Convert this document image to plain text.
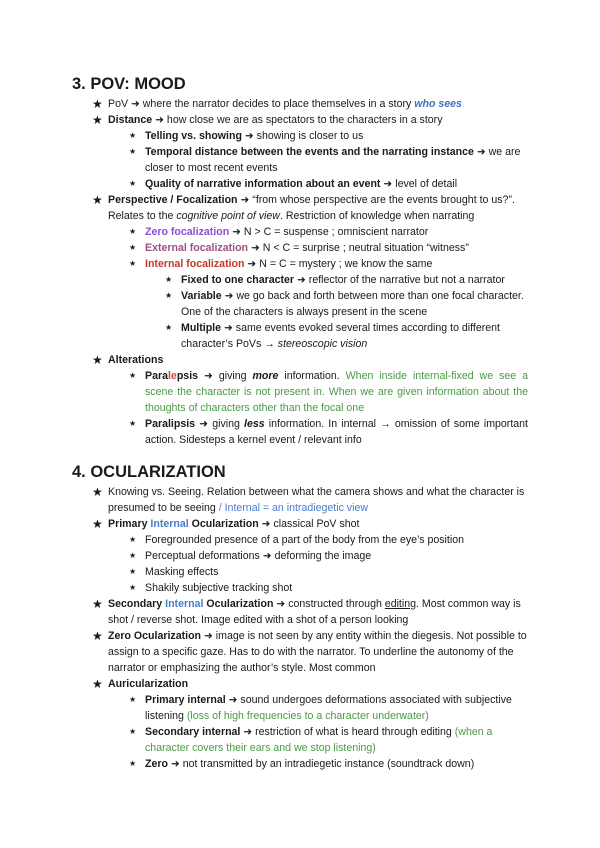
3. POV: MOOD
★ PoV ➜ where the narrator decides to place themselves in a story who sees
★ Distance ➜ how close we are as spectators to the characters in a story
★ Telling vs. showing ➜ showing is closer to us
★ Temporal distance between the events and the narrating instance ➜ we are closer to most recent events
★ Quality of narrative information about an event ➜ level of detail
★ Perspective / Focalization ➜ “from whose perspective are the events brought to us?”. Relates to the cognitive point of view. Restriction of knowledge when narrating
★ Zero focalization ➜ N > C = suspense ; omniscient narrator
★ External focalization ➜ N < C = surprise ; neutral situation “witness”
★ Internal focalization ➜ N = C = mystery ; we know the same
★ Fixed to one character ➜ reflector of the narrative but not a narrator
★ Variable ➜ we go back and forth between more than one focal character. One of the characters is always present in the scene
★ Multiple ➜ same events evoked several times according to different character’s PoVs → stereoscopic vision
★ Alterations
★ Paralepsis ➜ giving more information. When inside internal-fixed we see a scene the character is not present in. When we are given information about the thoughts of characters other than the focal one
★ Paralipsis ➜ giving less information. In internal → omission of some important action. Sidesteps a kernel event / relevant info
4. OCULARIZATION
★ Knowing vs. Seeing. Relation between what the camera shows and what the character is presumed to be seeing / Internal = an intradiegetic view
★ Primary Internal Ocularization ➜ classical PoV shot
★ Foregrounded presence of a part of the body from the eye’s position
★ Perceptual deformations ➜ deforming the image
★ Masking effects
★ Shakily subjective tracking shot
★ Secondary Internal Ocularization ➜ constructed through editing. Most common way is shot / reverse shot. Image edited with a shot of a person looking
★ Zero Ocularization ➜ image is not seen by any entity within the diegesis. Not possible to assign to a specific gaze. Has to do with the narrator. To underline the autonomy of the narrator or emphasizing the author’s style. Most common
★ Auricularization
★ Primary internal ➜ sound undergoes deformations associated with subjective listening (loss of high frequencies to a character underwater)
★ Secondary internal ➜ restriction of what is heard through editing (when a character covers their ears and we stop listening)
★ Zero ➜ not transmitted by an intradiegetic instance (soundtrack down)
